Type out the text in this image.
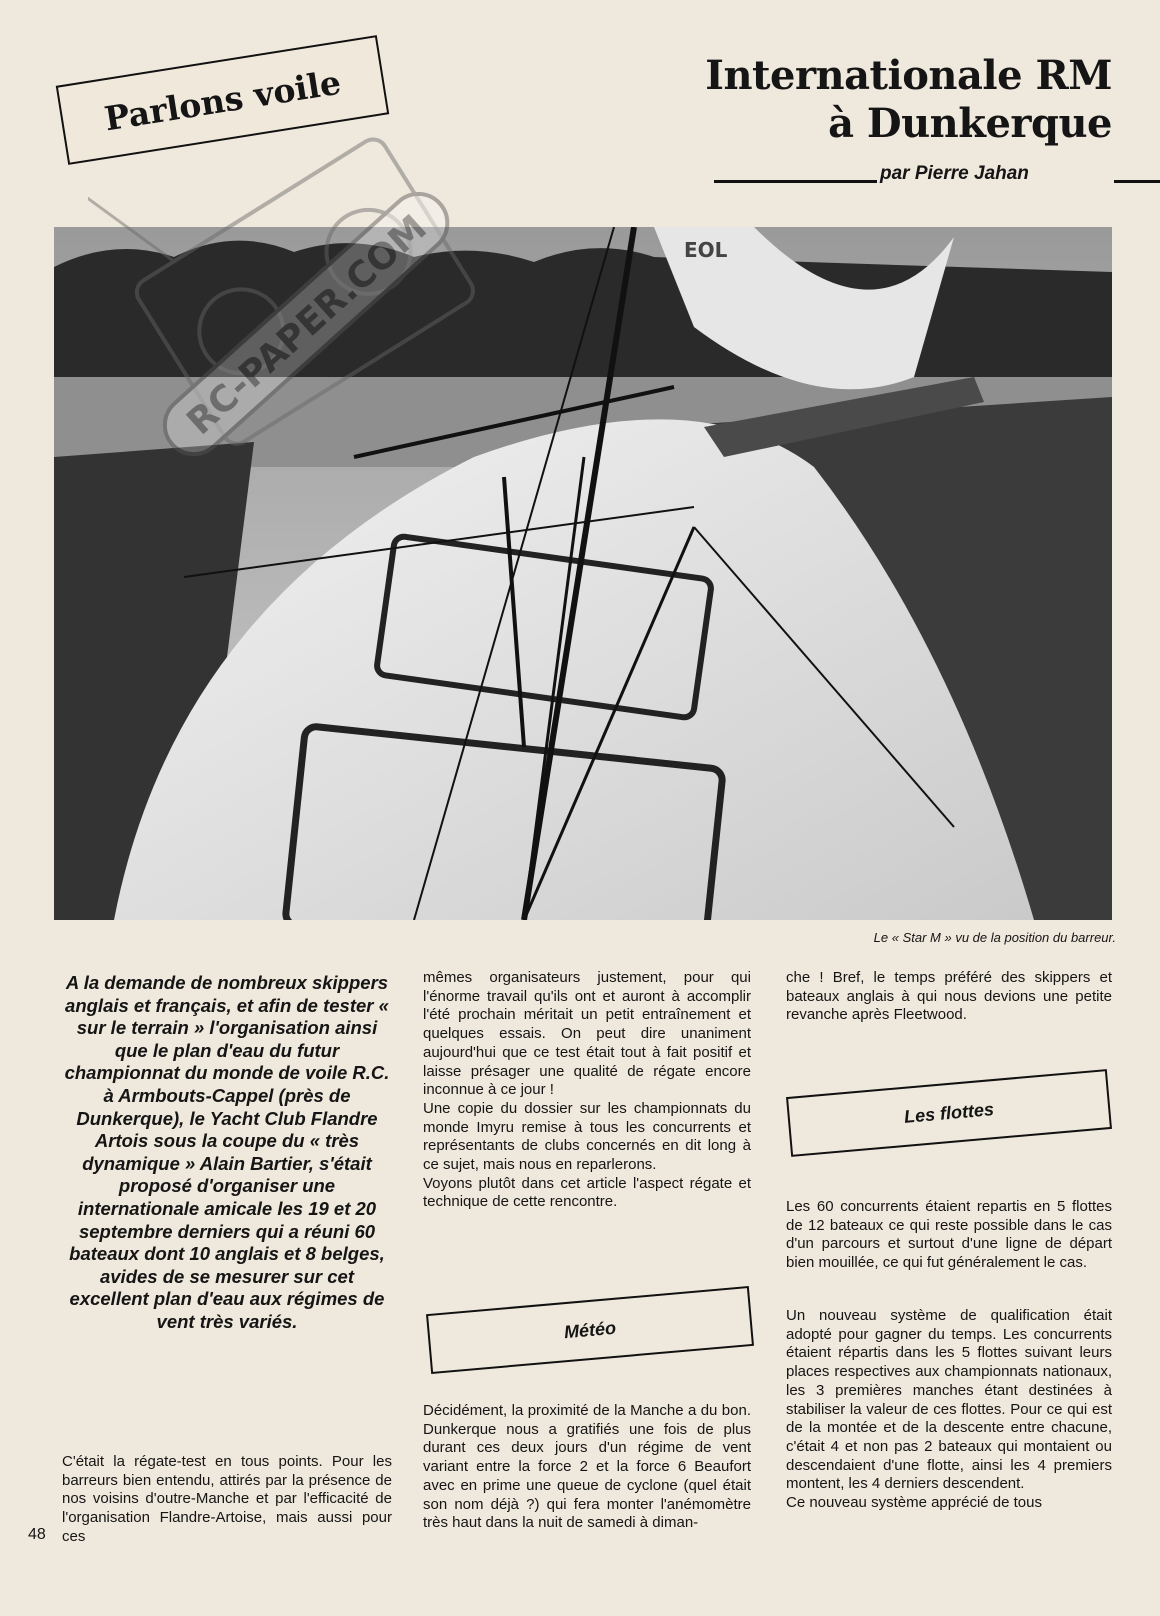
Parlons voile	Internationale RM
à Dunkerque
par Pierre Jahan
EOL
RC-PAPER.COM
Le « Star M » vu de la position du barreur.
A la demande de nombreux skippers anglais et français, et afin de tester « sur le terrain » l'organisation ainsi que le plan d'eau du futur championnat du monde de voile R.C. à Armbouts-Cappel (près de Dunkerque), le Yacht Club Flandre Artois sous la coupe du « très dynamique » Alain Bartier, s'était proposé d'organiser une internationale amicale les 19 et 20 septembre derniers qui a réuni 60 bateaux dont 10 anglais et 8 belges, avides de se mesurer sur cet excellent plan d'eau aux régimes de vent très variés.

C'était la régate-test en tous points. Pour les barreurs bien entendu, attirés par la présence de nos voisins d'outre-Manche et par l'efficacité de l'organisation Flandre-Artoise, mais aussi pour ces

mêmes organisateurs justement, pour qui l'énorme travail qu'ils ont et auront à accomplir l'été prochain méritait un petit entraînement et quelques essais. On peut dire unaniment aujourd'hui que ce test était tout à fait positif et laisse présager une qualité de régate encore inconnue à ce jour !

Une copie du dossier sur les championnats du monde Imyru remise à tous les concurrents et représentants de clubs concernés en dit long à ce sujet, mais nous en reparlerons.

Voyons plutôt dans cet article l'aspect régate et technique de cette rencontre.

Météo

Décidément, la proximité de la Manche a du bon. Dunkerque nous a gratifiés une fois de plus durant ces deux jours d'un régime de vent variant entre la force 2 et la force 6 Beaufort avec en prime une queue de cyclone (quel était son nom déjà ?) qui fera monter l'anémomètre très haut dans la nuit de samedi à diman-

che ! Bref, le temps préféré des skippers et bateaux anglais à qui nous devions une petite revanche après Fleetwood.

Les flottes

Les 60 concurrents étaient repartis en 5 flottes de 12 bateaux ce qui reste possible dans le cas d'un parcours et surtout d'une ligne de départ bien mouillée, ce qui fut généralement le cas.

Un nouveau système de qualification était adopté pour gagner du temps. Les concurrents étaient répartis dans les 5 flottes suivant leurs places respectives aux championnats nationaux, les 3 premières manches étant destinées à stabiliser la valeur de ces flottes. Pour ce qui est de la montée et de la descente entre chacune, c'était 4 et non pas 2 bateaux qui montaient ou descendaient d'une flotte, ainsi les 4 premiers montent, les 4 derniers descendent.

Ce nouveau système apprécié de tous

48
